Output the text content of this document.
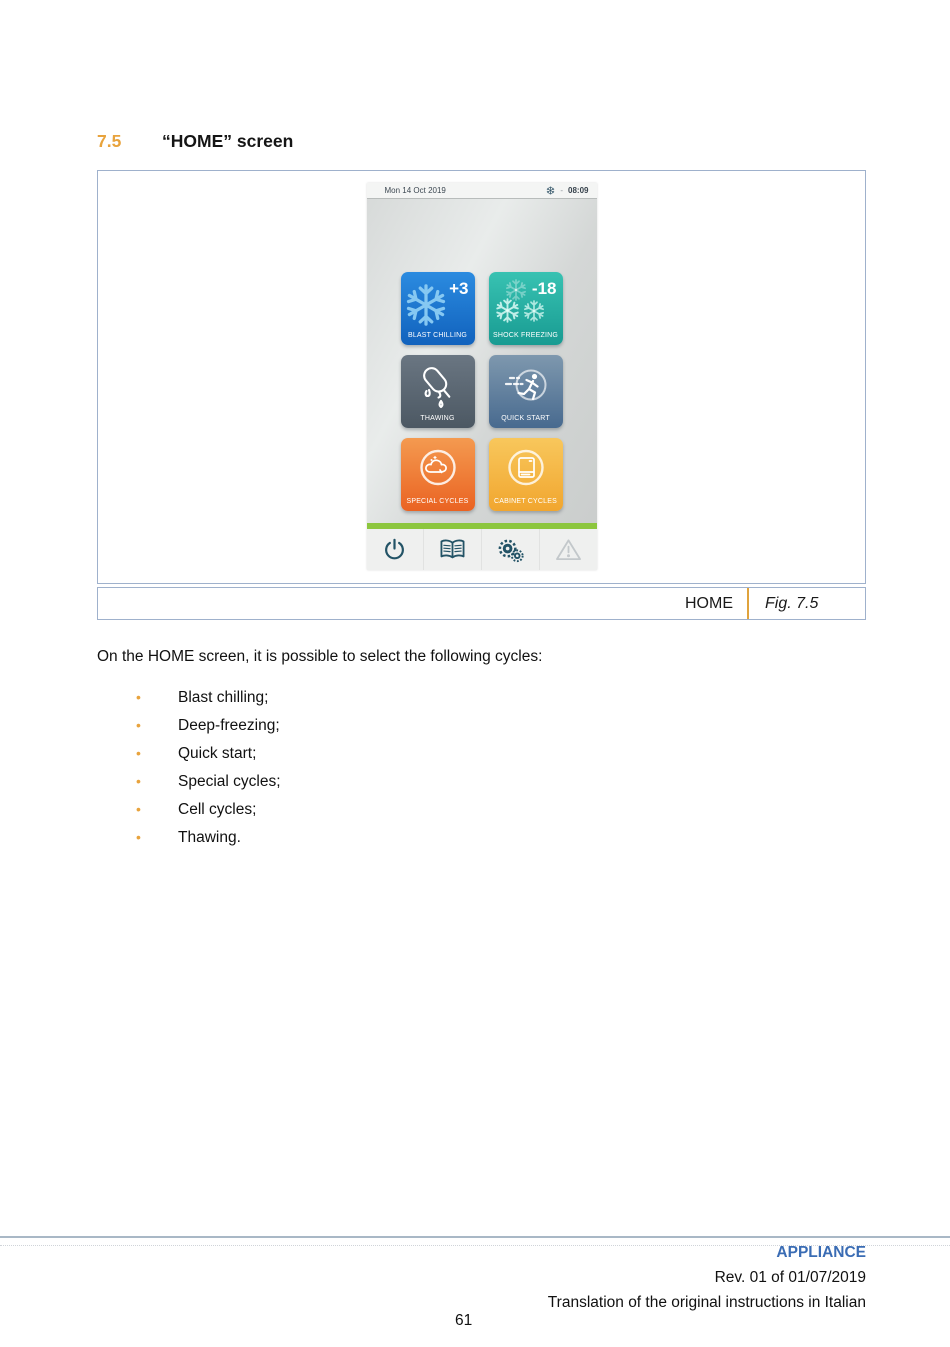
7.5	“HOME” screen
Mon 14 Oct 2019	- 08:09
+3
BLAST CHILLING
-18
SHOCK FREEZING
THAWING	QUICK START
SPECIAL CYCLES	CABINET CYCLES
HOME	Fig. 7.5

On the HOME screen, it is possible to select the following cycles:

•	Blast chilling;
•	Deep-freezing;
•	Quick start;
•	Special cycles;
•	Cell cycles;
•	Thawing.
APPLIANCE
Rev. 01 of 01/07/2019
Translation of the original instructions in Italian
61
